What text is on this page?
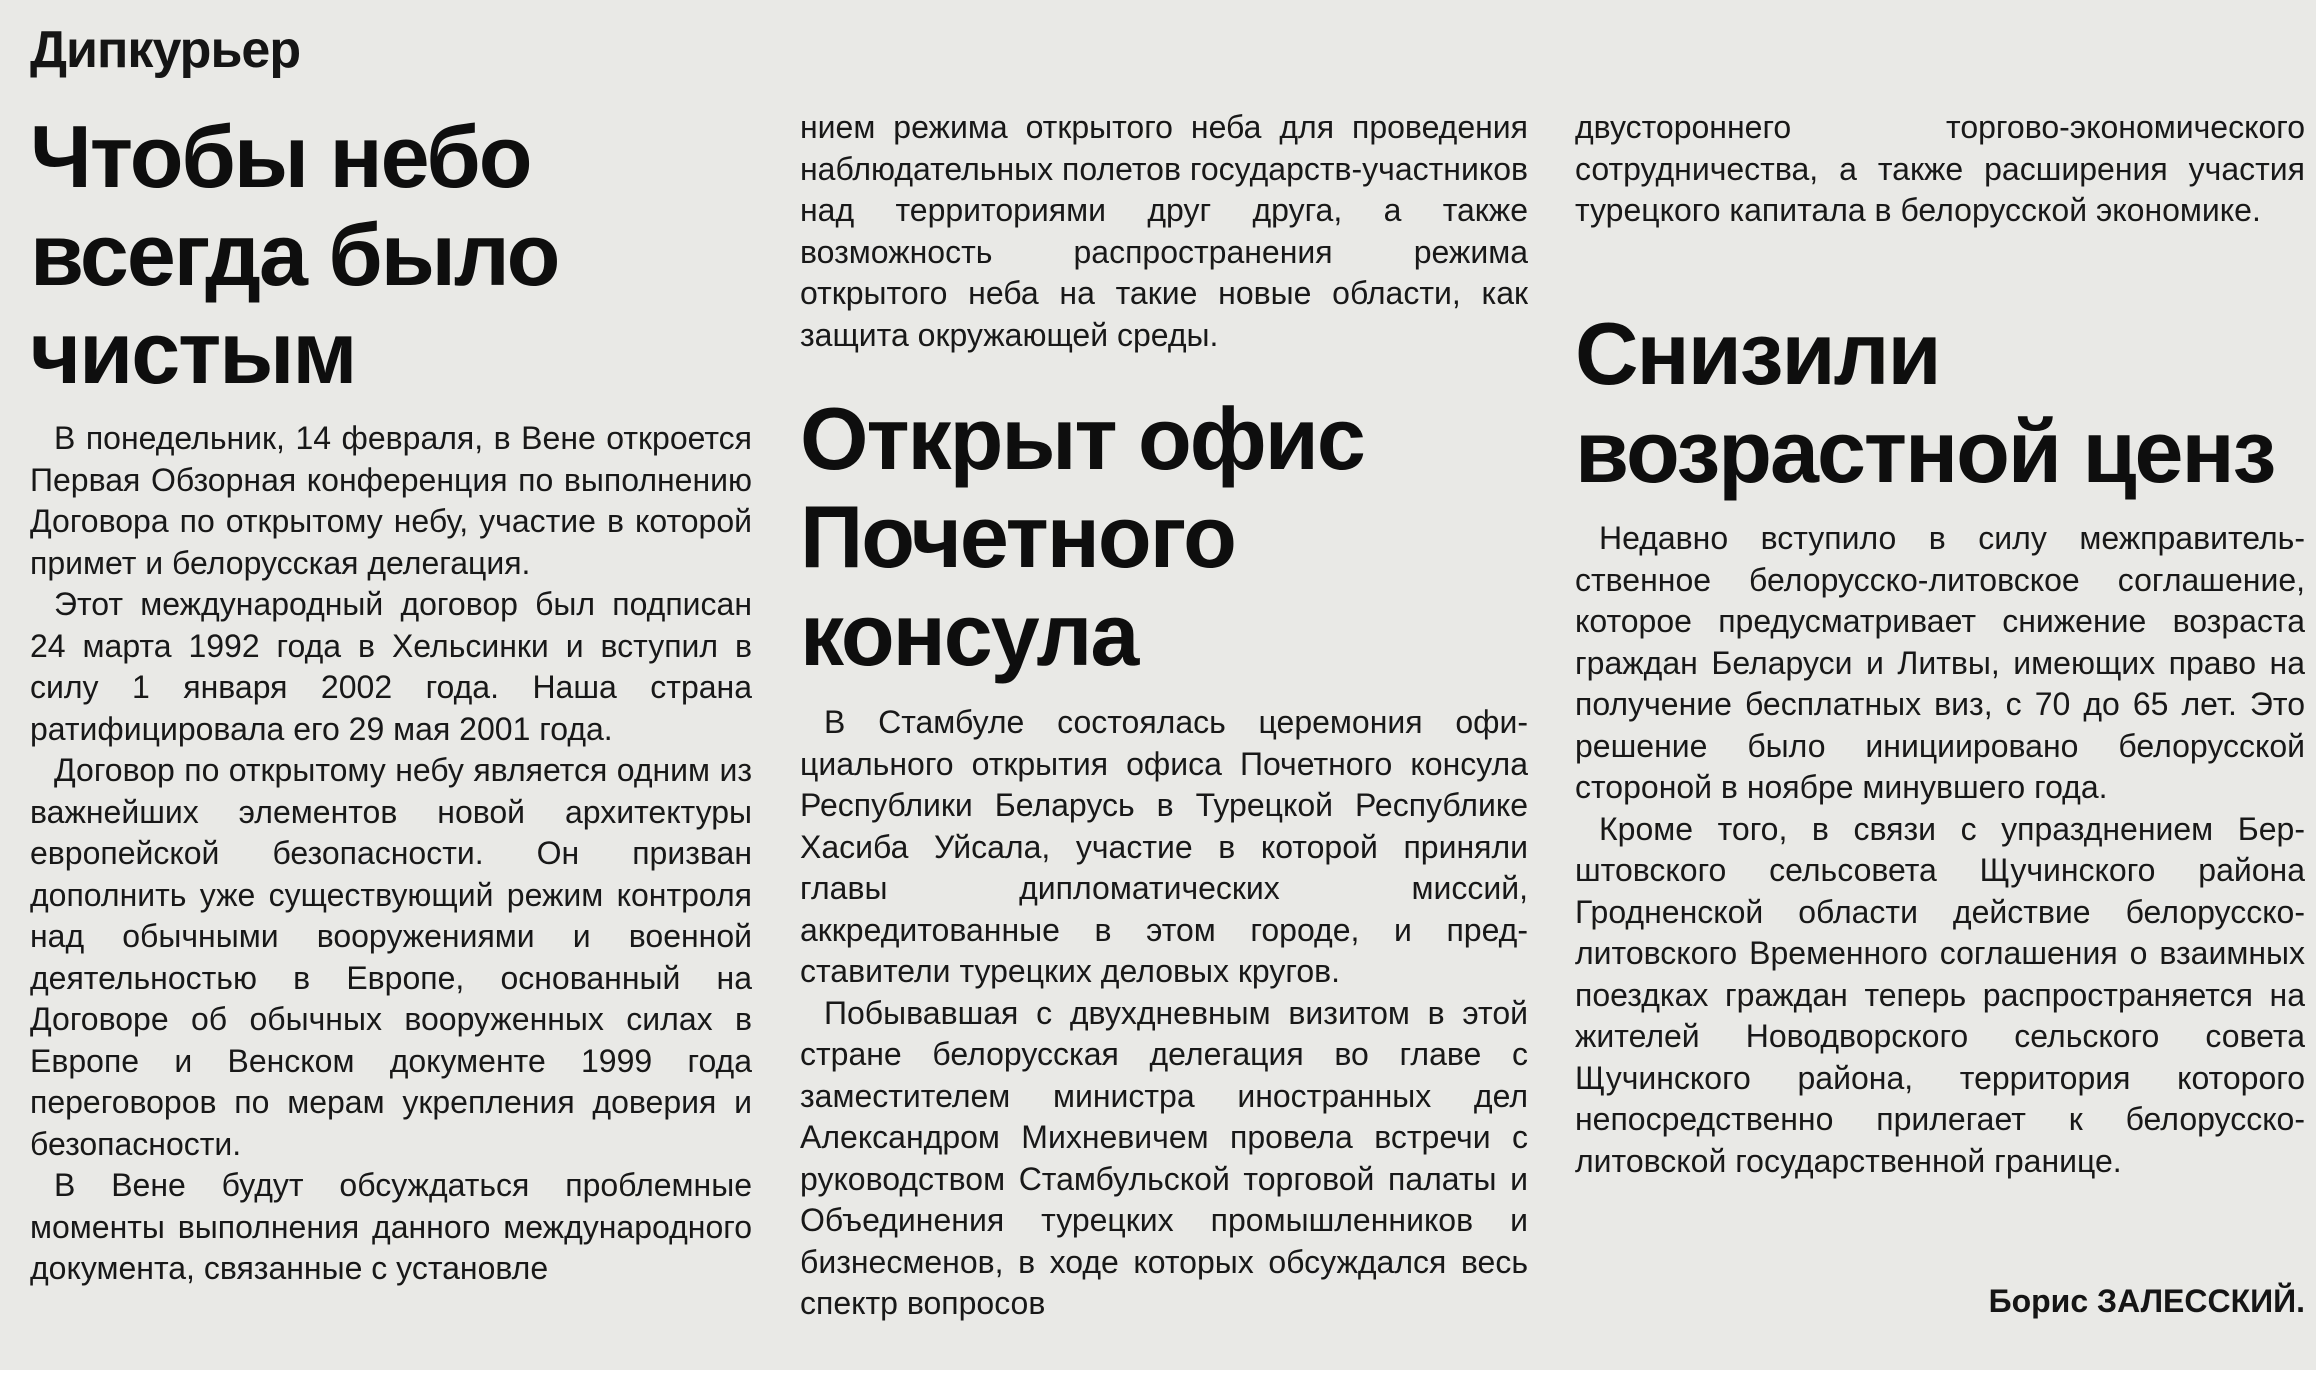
Дипкурьер
Чтобы небо
всегда было
чистым

В понедельник, 14 февраля, в Вене откроется Первая Обзорная конференция по выполнению Договора по открытому небу, участие в которой примет и белорусская делегация.

Этот международный договор был подписан 24 марта 1992 года в Хельсинки и вступил в силу 1 января 2002 года. Наша страна ратифицировала его 29 мая 2001 года.

Договор по открытому небу является одним из важнейших элементов новой архитектуры европейской безопасности. Он призван дополнить уже существующий режим контроля над обычными вооружениями и военной деятельностью в Европе, основанный на Договоре об обычных вооруженных силах в Европе и Венском документе 1999 года переговоров по мерам укрепления доверия и безопасности.

В Вене будут обсуждаться проблемные моменты выполнения данного международного документа, связанные с установле

нием режима открытого неба для проведения наблюдательных полетов государств-участников над территориями друг друга, а также возможность распространения режима открытого неба на такие новые области, как защита окружающей среды.

Открыт офис
Почетного
консула

В Стамбуле состоялась церемония официального открытия офиса Почетного консула Республики Беларусь в Турецкой Республике Хасиба Уйсала, участие в которой приняли главы дипломатических миссий, аккредитованные в этом городе, и представители турецких деловых кругов.

Побывавшая с двухдневным визитом в этой стране белорусская делегация во главе с заместителем министра иностранных дел Александром Михневичем провела встречи с руководством Стамбульской торговой палаты и Объединения турецких промышленников и бизнесменов, в ходе которых обсуждался весь спектр вопросов

двустороннего торгово-экономического сотрудничества, а также расширения участия турецкого капитала в белорусской экономике.

Снизили
возрастной ценз

Недавно вступило в силу межправительственное белорусско-литовское соглашение, которое предусматривает снижение возраста граждан Беларуси и Литвы, имеющих право на получение бесплатных виз, с 70 до 65 лет. Это решение было инициировано белорусской стороной в ноябре минувшего года.

Кроме того, в связи с упразднением Берштовского сельсовета Щучинского района Гродненской области действие белорусско-литовского Временного соглашения о взаимных поездках граждан теперь распространяется на жителей Новодворского сельского совета Щучинского района, территория которого непосредственно прилегает к белорусско-литовской государственной границе.

Борис ЗАЛЕССКИЙ.
